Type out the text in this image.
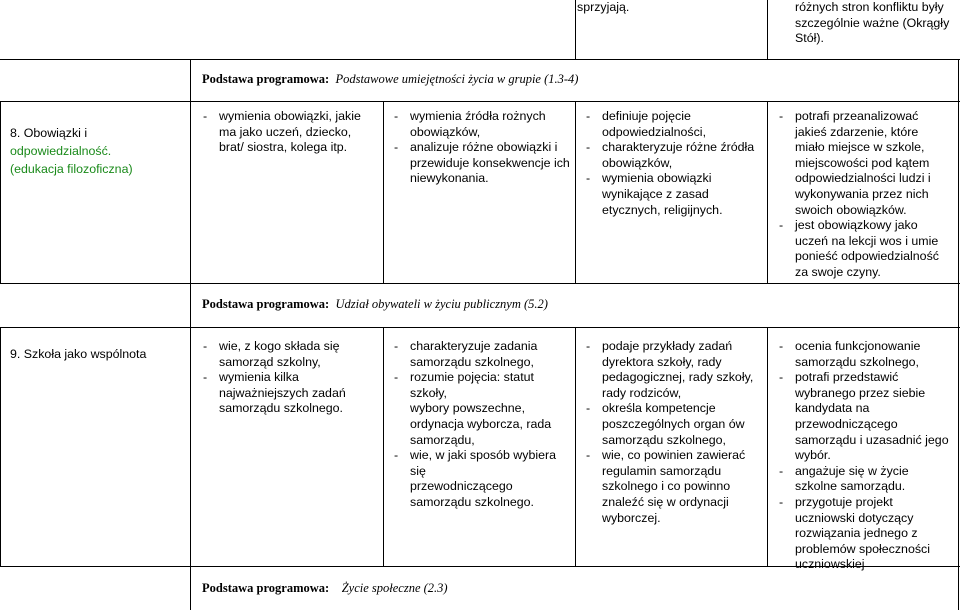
sprzyjają.	różnych stron konfliktu były
szczególnie ważne (Okrągły
Stół).
Podstawa programowa: Podstawowe umiejętności życia w grupie (1.3-4)
8. Obowiązki i
odpowiedzialność.
(edukacja filozoficzna)
- wymienia obowiązki, jakie
ma jako uczeń, dziecko,
brat/ siostra, kolega itp.
- wymienia źródła rożnych
obowiązków,
- analizuje różne obowiązki i
przewiduje konsekwencje ich
niewykonania.
- definiuje pojęcie
odpowiedzialności,
- charakteryzuje różne źródła
obowiązków,
- wymienia obowiązki
wynikające z zasad
etycznych, religijnych.
- potrafi przeanalizować
jakieś zdarzenie, które
miało miejsce w szkole,
miejscowości pod kątem
odpowiedzialności ludzi i
wykonywania przez nich
swoich obowiązków.
- jest obowiązkowy jako
uczeń na lekcji wos i umie
ponieść odpowiedzialność
za swoje czyny.
Podstawa programowa: Udział obywateli w życiu publicznym (5.2)
9. Szkoła jako wspólnota
- wie, z kogo składa się
samorząd szkolny,
- wymienia kilka
najważniejszych zadań
samorządu szkolnego.
- charakteryzuje zadania
samorządu szkolnego,
- rozumie pojęcia: statut szkoły,
wybory powszechne,
ordynacja wyborcza, rada
samorządu,
- wie, w jaki sposób wybiera się
przewodniczącego
samorządu szkolnego.
- podaje przykłady zadań
dyrektora szkoły, rady
pedagogicznej, rady szkoły,
rady rodziców,
- określa kompetencje
poszczególnych organ ów
samorządu szkolnego,
- wie, co powinien zawierać
regulamin samorządu
szkolnego i co powinno
znaleźć się w ordynacji
wyborczej.
- ocenia funkcjonowanie
samorządu szkolnego,
- potrafi przedstawić
wybranego przez siebie
kandydata na
przewodniczącego
samorządu i uzasadnić jego
wybór.
- angażuje się w życie
szkolne samorządu.
- przygotuje projekt
uczniowski dotyczący
rozwiązania jednego z
problemów społeczności
uczniowskiej
Podstawa programowa: Życie społeczne (2.3)
